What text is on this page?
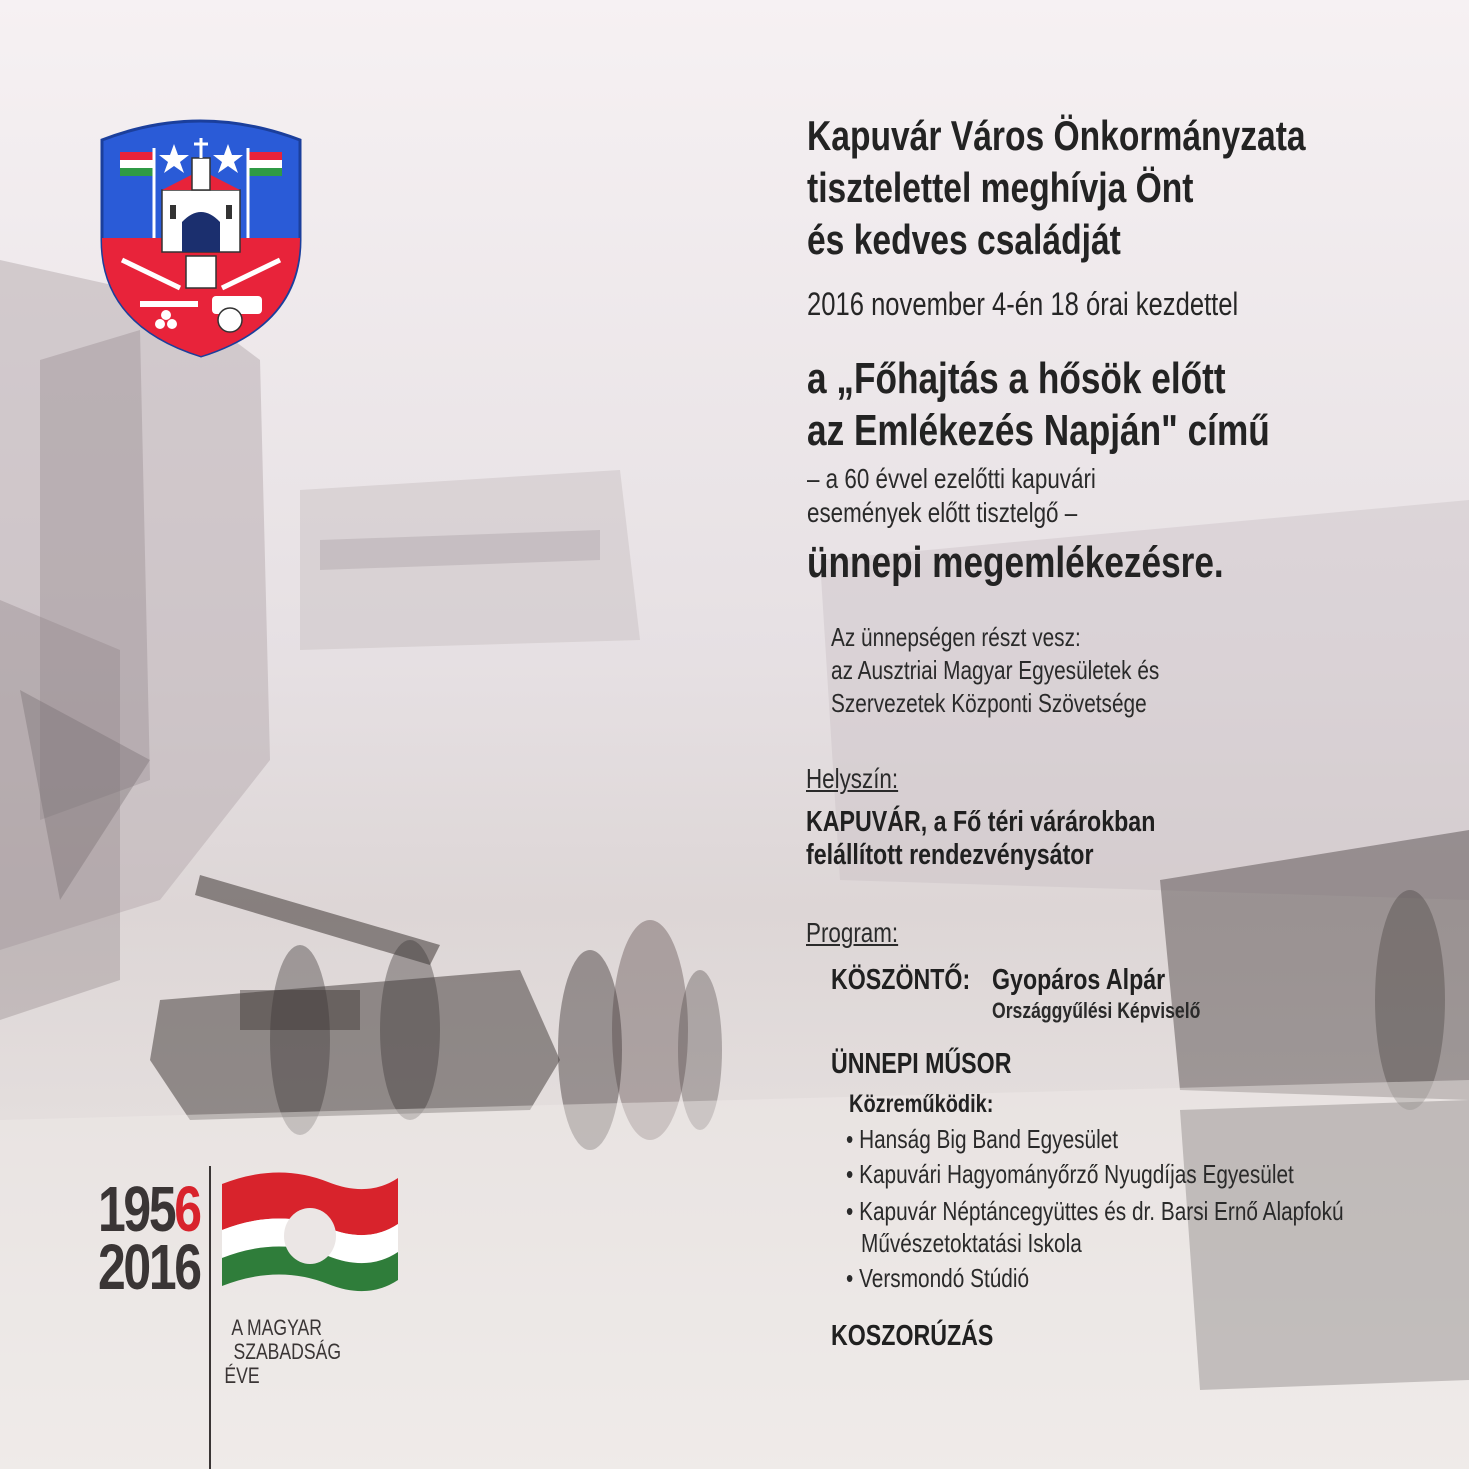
Kapuvár Város Önkormányzata
tisztelettel meghívja Önt
és kedves családját
2016 november 4-én 18 órai kezdettel
a „Főhajtás a hősök előtt
az Emlékezés Napján" című
– a 60 évvel ezelőtti kapuvári
események előtt tisztelgő –
ünnepi megemlékezésre.
Az ünnepségen részt vesz:
az Ausztriai Magyar Egyesületek és
Szervezetek Központi Szövetsége
Helyszín:
KAPUVÁR, a Fő téri várárokban
felállított rendezvénysátor
Program:
KÖSZÖNTŐ: Gyopáros Alpár
Országgyűlési Képviselő
ÜNNEPI MŰSOR
Közreműködik:
• Hanság Big Band Egyesület
• Kapuvári Hagyományőrző Nyugdíjas Egyesület
• Kapuvár Néptáncegyüttes és dr. Barsi Ernő Alapfokú
Művészetoktatási Iskola
• Versmondó Stúdió
KOSZORÚZÁS
1956
2016
A MAGYAR
SZABADSÁG
ÉVE
